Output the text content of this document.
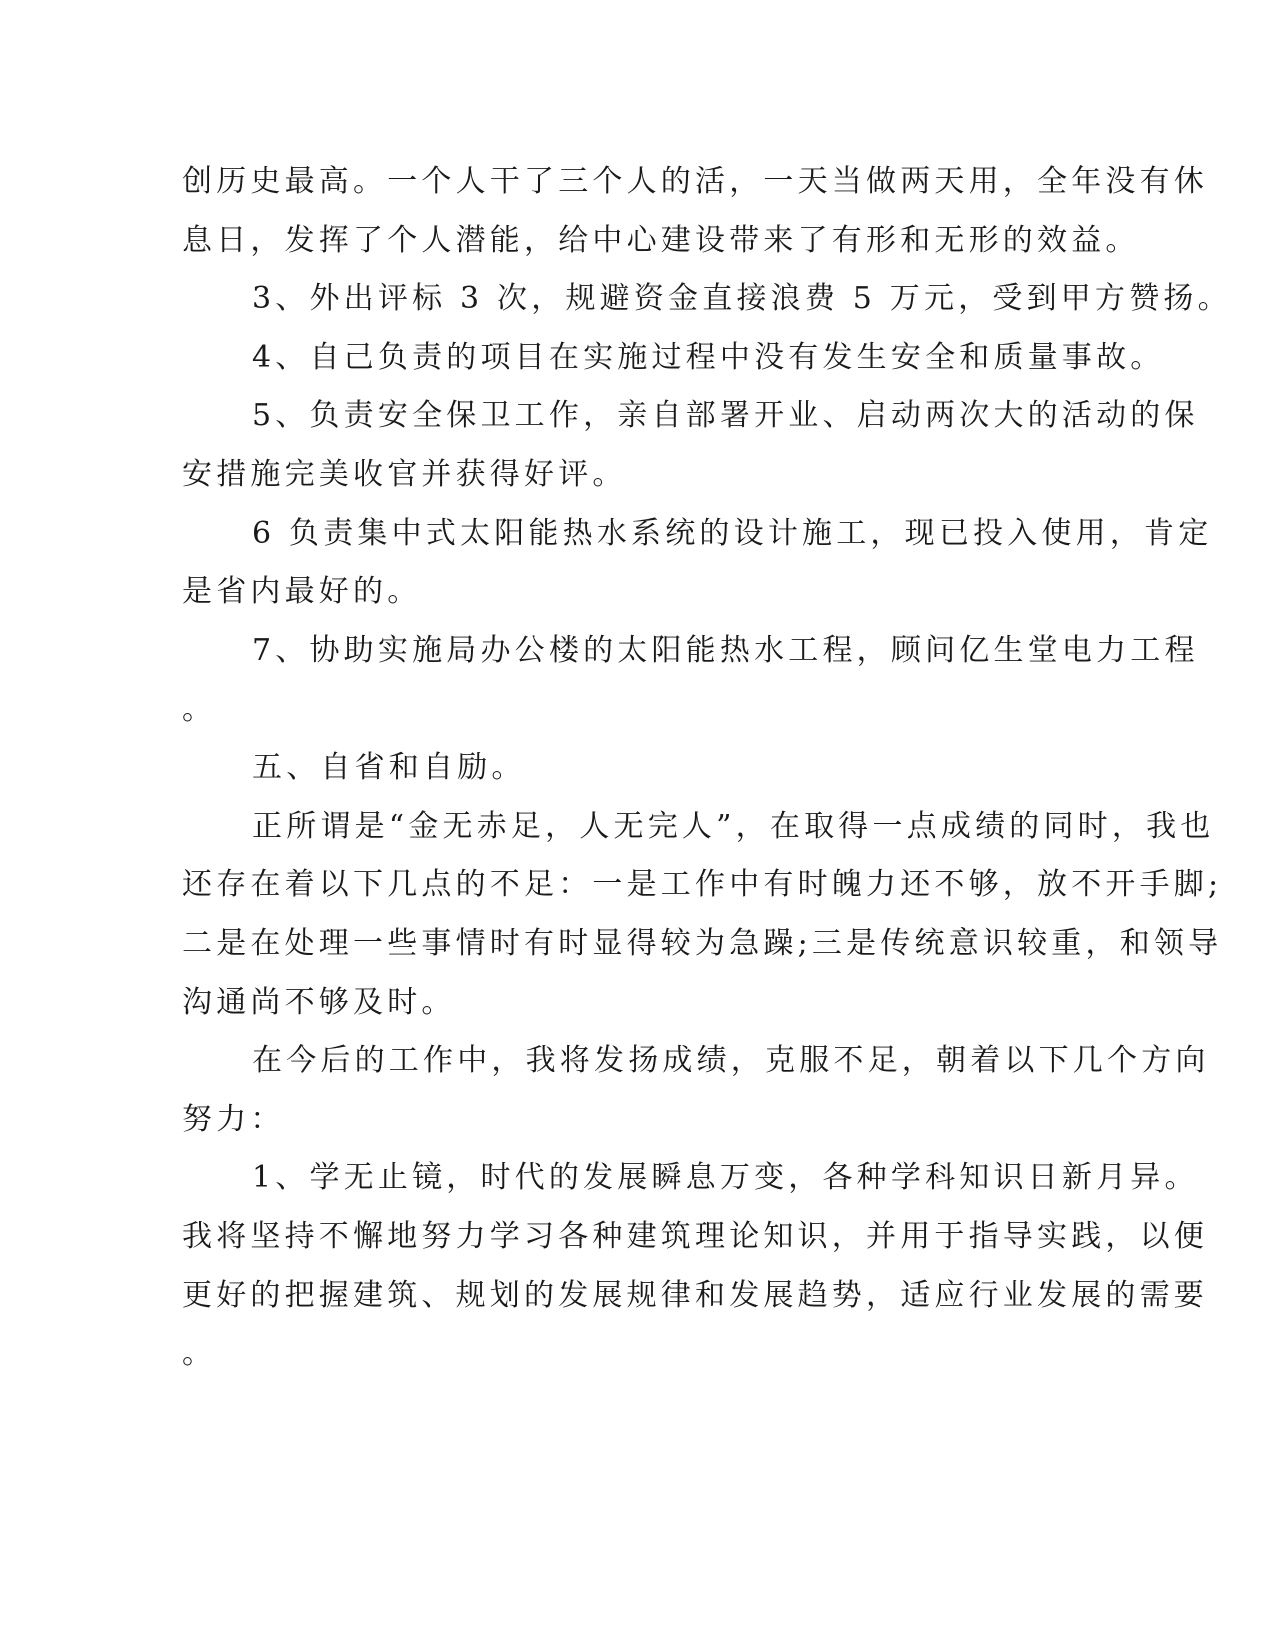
创历史最高。一个人干了三个人的活，一天当做两天用，全年没有休
息日，发挥了个人潜能，给中心建设带来了有形和无形的效益。
3、外出评标 3 次，规避资金直接浪费 5 万元，受到甲方赞扬。
4、自己负责的项目在实施过程中没有发生安全和质量事故。
5、负责安全保卫工作，亲自部署开业、启动两次大的活动的保
安措施完美收官并获得好评。
6 负责集中式太阳能热水系统的设计施工，现已投入使用，肯定
是省内最好的。
7、协助实施局办公楼的太阳能热水工程，顾问亿生堂电力工程
。
五、自省和自励。
正所谓是“金无赤足，人无完人”，在取得一点成绩的同时，我也
还存在着以下几点的不足：一是工作中有时魄力还不够，放不开手脚;
二是在处理一些事情时有时显得较为急躁;三是传统意识较重，和领导
沟通尚不够及时。
在今后的工作中，我将发扬成绩，克服不足，朝着以下几个方向
努力：
1、学无止镜，时代的发展瞬息万变，各种学科知识日新月异。
我将坚持不懈地努力学习各种建筑理论知识，并用于指导实践，以便
更好的把握建筑、规划的发展规律和发展趋势，适应行业发展的需要
。
